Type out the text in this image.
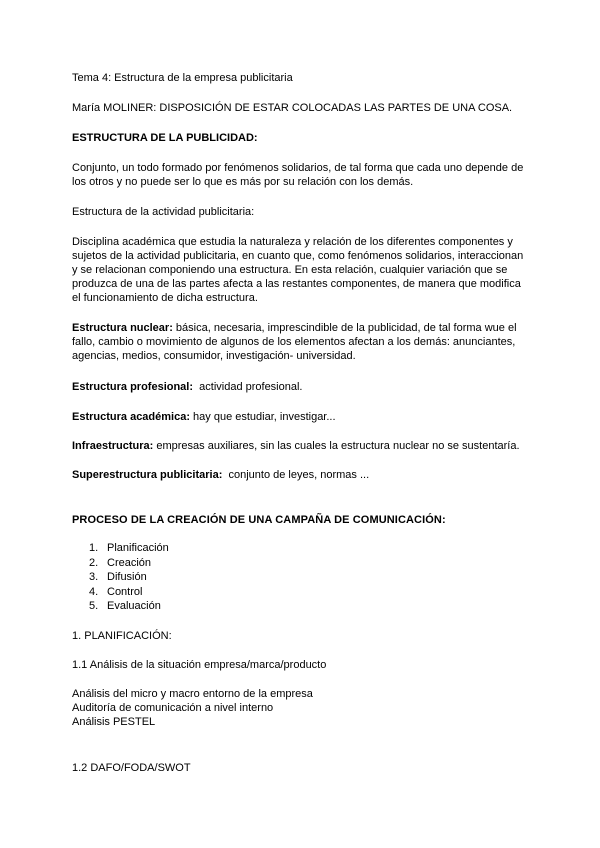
Tema 4: Estructura de la empresa publicitaria

María MOLINER: DISPOSICIÓN DE ESTAR COLOCADAS LAS PARTES DE UNA COSA.

ESTRUCTURA DE LA PUBLICIDAD:

Conjunto, un todo formado por fenómenos solidarios, de tal forma que cada uno depende de
los otros y no puede ser lo que es más por su relación con los demás.

Estructura de la actividad publicitaria:

Disciplina académica que estudia la naturaleza y relación de los diferentes componentes y
sujetos de la actividad publicitaria, en cuanto que, como fenómenos solidarios, interaccionan
y se relacionan componiendo una estructura. En esta relación, cualquier variación que se
produzca de una de las partes afecta a las restantes componentes, de manera que modifica
el funcionamiento de dicha estructura.
Estructura nuclear: básica, necesaria, imprescindible de la publicidad, de tal forma wue el
fallo, cambio o movimiento de algunos de los elementos afectan a los demás: anunciantes,
agencias, medios, consumidor, investigación- universidad.

Estructura profesional:  actividad profesional.

Estructura académica: hay que estudiar, investigar...

Infraestructura: empresas auxiliares, sin las cuales la estructura nuclear no se sustentaría.

Superestructura publicitaria:  conjunto de leyes, normas ...

PROCESO DE LA CREACIÓN DE UNA CAMPAÑA DE COMUNICACIÓN:

1. Planificación
2. Creación
3. Difusión
4. Control
5. Evaluación

1. PLANIFICACIÓN:

1.1 Análisis de la situación empresa/marca/producto

Análisis del micro y macro entorno de la empresa
Auditoría de comunicación a nivel interno
Análisis PESTEL

1.2 DAFO/FODA/SWOT
